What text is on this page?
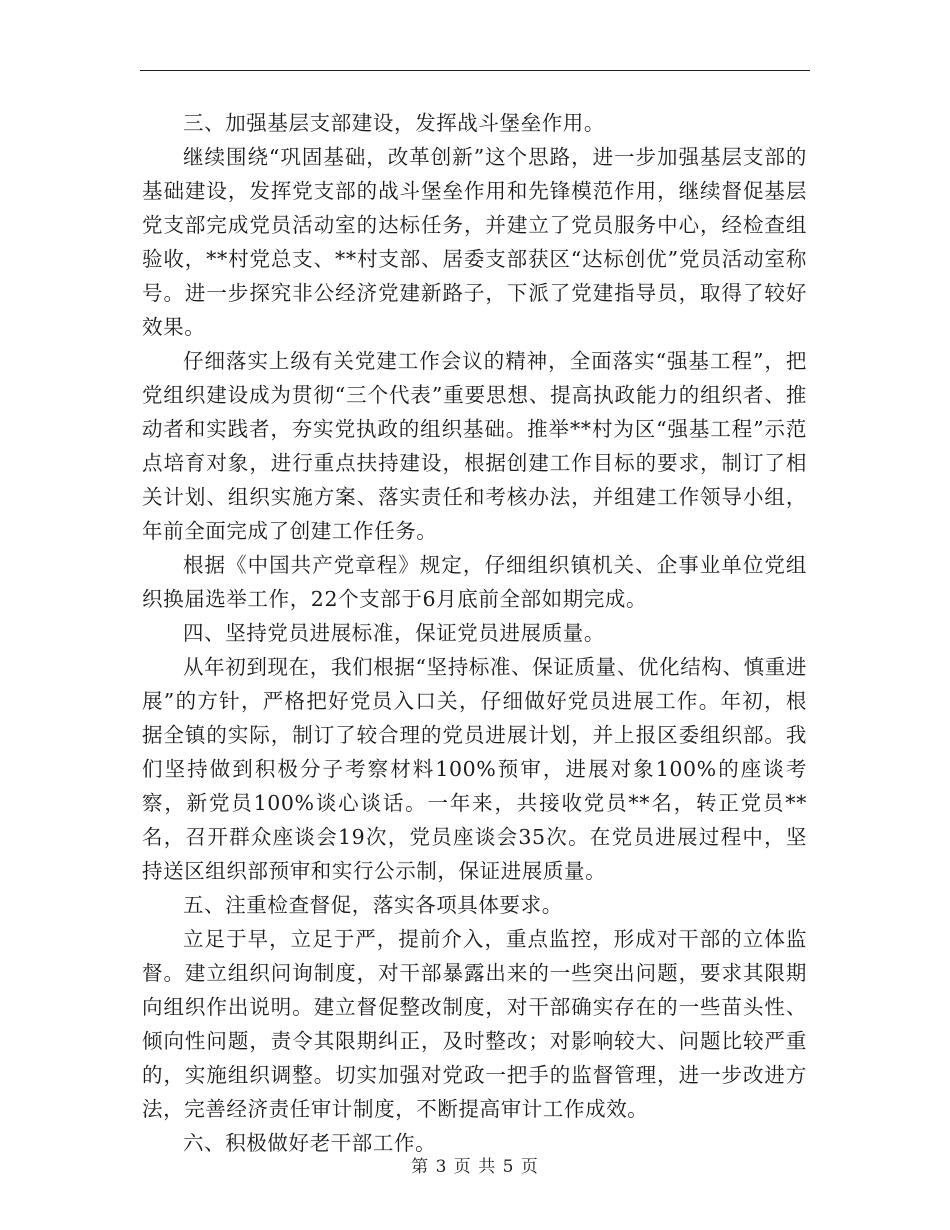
三、加强基层支部建设，发挥战斗堡垒作用。

继续围绕“巩固基础，改革创新”这个思路，进一步加强基层支部的基础建设，发挥党支部的战斗堡垒作用和先锋模范作用，继续督促基层党支部完成党员活动室的达标任务，并建立了党员服务中心，经检查组验收，**村党总支、**村支部、居委支部获区“达标创优”党员活动室称号。进一步探究非公经济党建新路子，下派了党建指导员，取得了较好效果。

仔细落实上级有关党建工作会议的精神，全面落实“强基工程”，把党组织建设成为贯彻“三个代表”重要思想、提高执政能力的组织者、推动者和实践者，夯实党执政的组织基础。推举**村为区“强基工程”示范点培育对象，进行重点扶持建设，根据创建工作目标的要求，制订了相关计划、组织实施方案、落实责任和考核办法，并组建工作领导小组，年前全面完成了创建工作任务。

根据《中国共产党章程》规定，仔细组织镇机关、企事业单位党组织换届选举工作，22个支部于6月底前全部如期完成。

四、坚持党员进展标准，保证党员进展质量。

从年初到现在，我们根据“坚持标准、保证质量、优化结构、慎重进展”的方针，严格把好党员入口关，仔细做好党员进展工作。年初，根据全镇的实际，制订了较合理的党员进展计划，并上报区委组织部。我们坚持做到积极分子考察材料100%预审，进展对象100%的座谈考察，新党员100%谈心谈话。一年来，共接收党员**名，转正党员**名，召开群众座谈会19次，党员座谈会35次。在党员进展过程中，坚持送区组织部预审和实行公示制，保证进展质量。

五、注重检查督促，落实各项具体要求。

立足于早，立足于严，提前介入，重点监控，形成对干部的立体监督。建立组织问询制度，对干部暴露出来的一些突出问题，要求其限期向组织作出说明。建立督促整改制度，对干部确实存在的一些苗头性、倾向性问题，责令其限期纠正，及时整改；对影响较大、问题比较严重的，实施组织调整。切实加强对党政一把手的监督管理，进一步改进方法，完善经济责任审计制度，不断提高审计工作成效。

六、积极做好老干部工作。

第 3 页 共 5 页
